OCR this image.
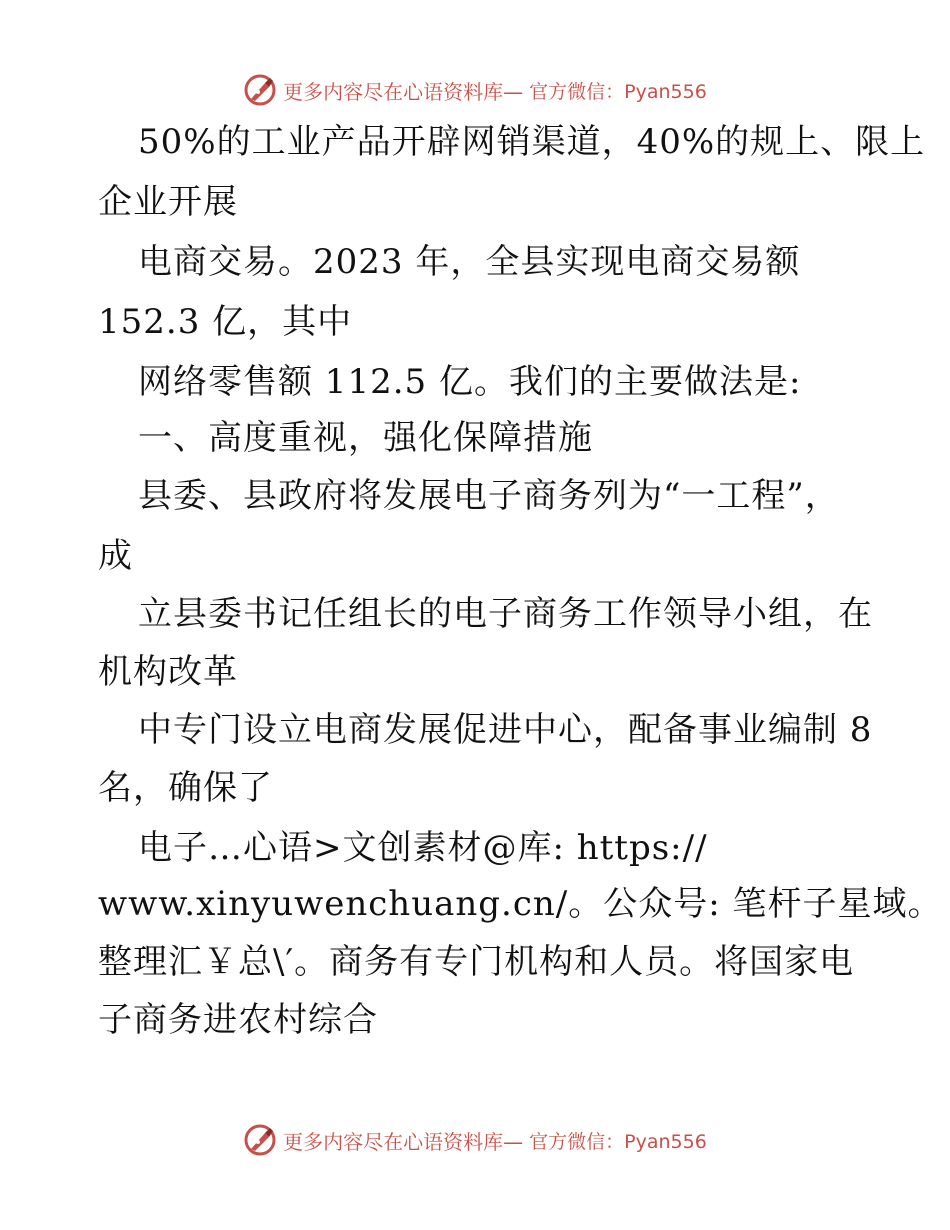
更多内容尽在心语资料库— 官方微信：Pyan556
50%的工业产品开辟网销渠道，40%的规上、限上
企业开展
电商交易。2023 年，全县实现电商交易额
152.3 亿，其中
网络零售额 112.5 亿。我们的主要做法是:
一、高度重视，强化保障措施
县委、县政府将发展电子商务列为“一工程”，
成
立县委书记任组长的电子商务工作领导小组，在
机构改革
中专门设立电商发展促进中心，配备事业编制 8
名，确保了
电子…心语>文创素材@库: https://
www.xinyuwenchuang.cn/。公众号: 笔杆子星域。
整理汇￥总\′。商务有专门机构和人员。将国家电
子商务进农村综合
更多内容尽在心语资料库— 官方微信：Pyan556
